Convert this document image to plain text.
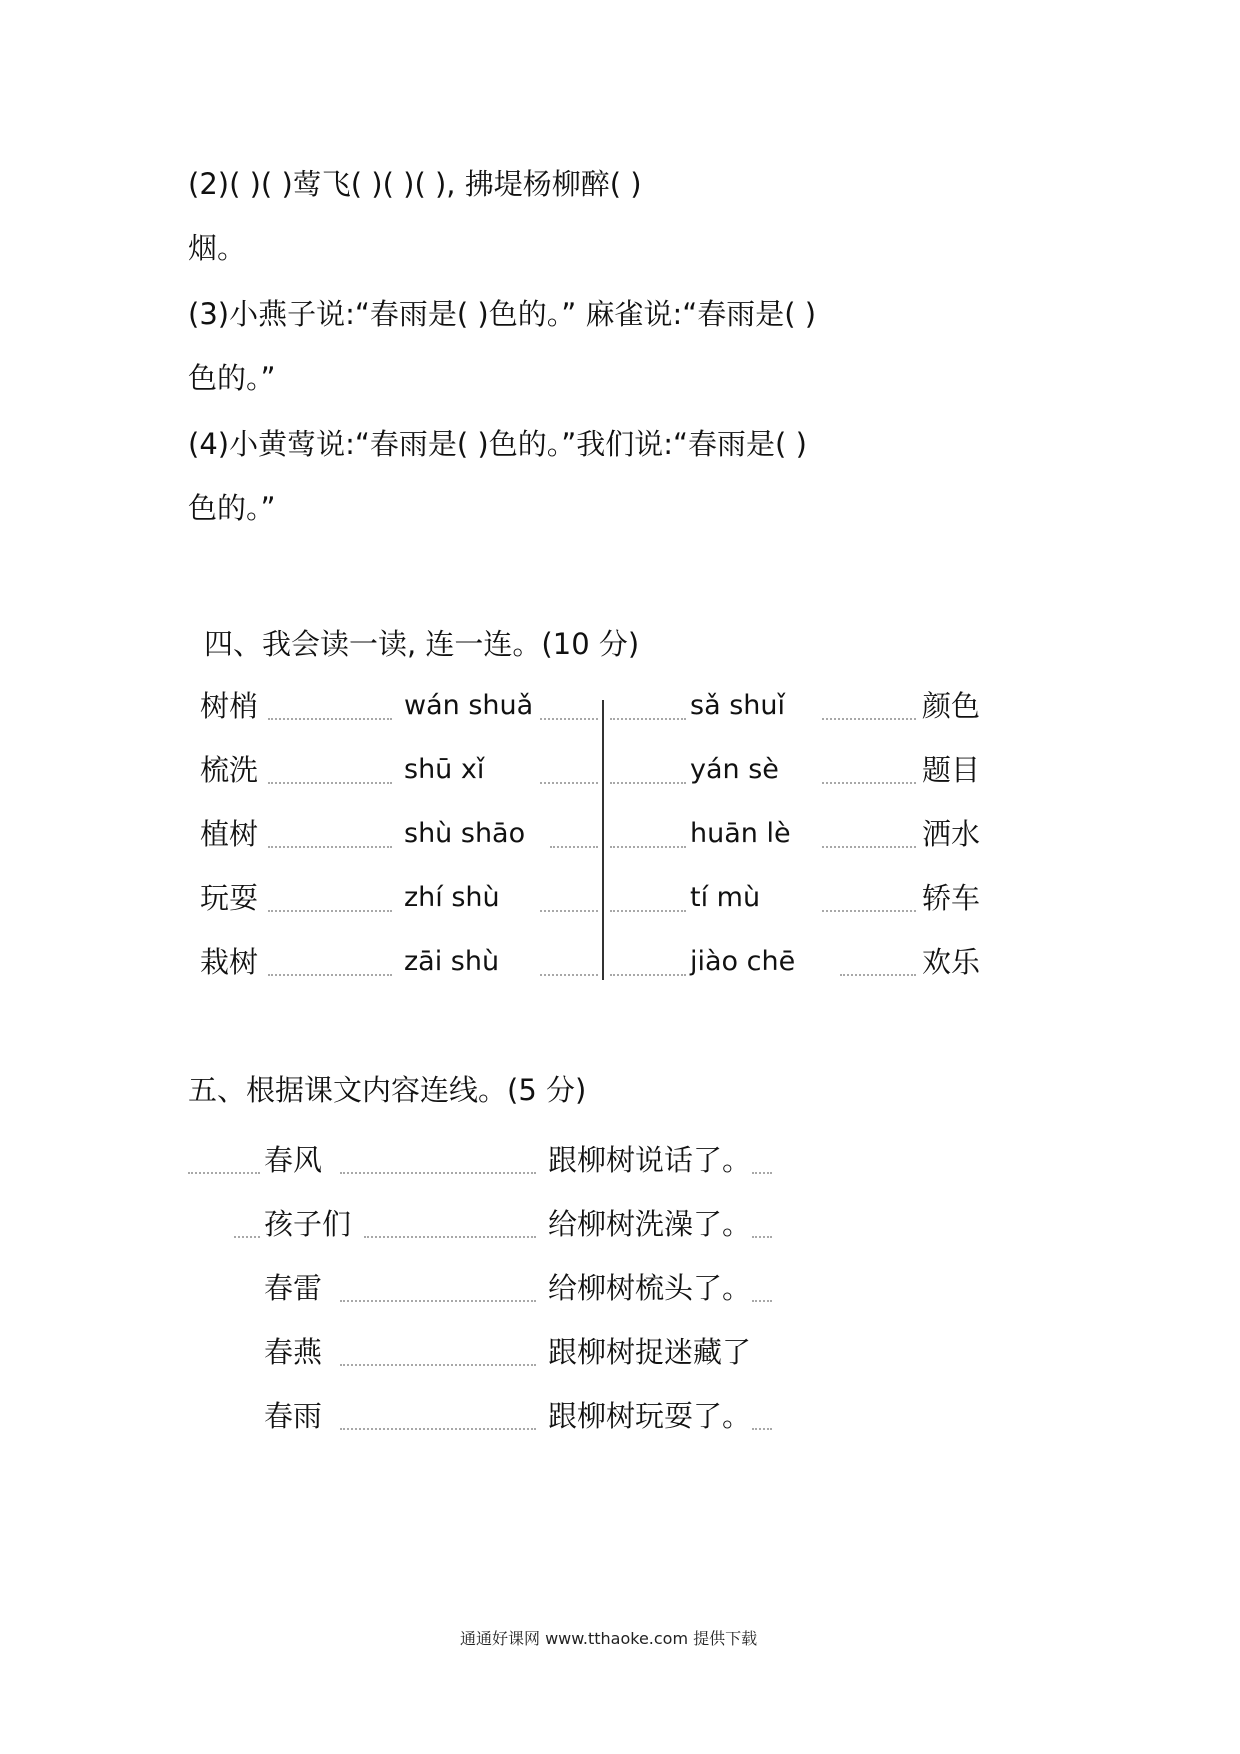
(2)( )( )莺飞( )( )( ), 拂堤杨柳醉( )
烟。
(3)小燕子说:“春雨是( )色的。” 麻雀说:“春雨是( )
色的。”
(4)小黄莺说:“春雨是( )色的。”我们说:“春雨是( )
色的。”
四、我会读一读, 连一连。(10 分)
树梢	wán shuǎ	sǎ shuǐ	颜色
梳洗	shū xǐ	yán sè	题目
植树	shù shāo	huān lè	洒水
玩耍	zhí shù	tí mù	轿车
栽树	zāi shù	jiào chē	欢乐
五、根据课文内容连线。(5 分)
春风	跟柳树说话了。
孩子们	给柳树洗澡了。
春雷	给柳树梳头了。
春燕	跟柳树捉迷藏了
春雨	跟柳树玩耍了。
通通好课网 www.tthaoke.com 提供下载
